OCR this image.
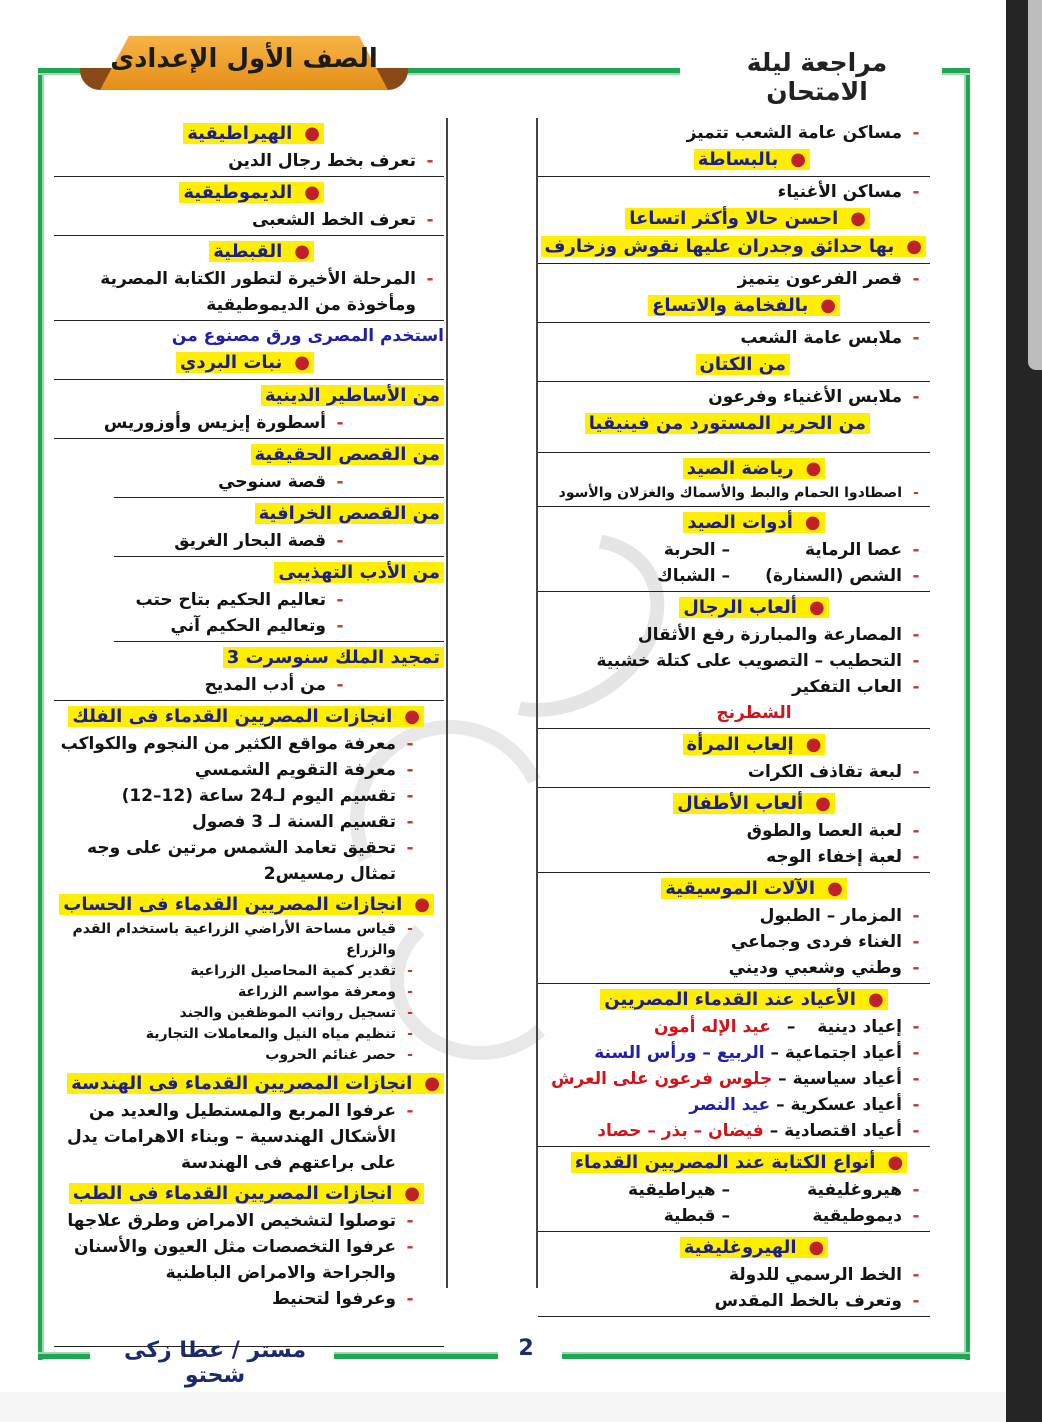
مراجعة ليلة الامتحان
الصف الأول الإعدادى
-مساكن عامة الشعب تتميز
●بالبساطة
-مساكن الأغنياء
●احسن حالا وأكثر اتساعا
●بها حدائق وجدران عليها نقوش وزخارف
-قصر الفرعون يتميز
●بالفخامة والاتساع
-ملابس عامة الشعب
من الكتان
-ملابس الأغنياء وفرعون
من الحرير المستورد من فينيقيا
●رياضة الصيد
-اصطادوا الحمام والبط والأسماك والغزلان والأسود
●أدوات الصيد
-عصا الرماية
– الحربة
-الشص (السنارة)
– الشباك
●ألعاب الرجال
-المصارعة والمبارزة رفع الأثقال
-التحطيب – التصويب على كتلة خشبية
-العاب التفكير
الشطرنج
●إلعاب المرأة
-لبعة تقاذف الكرات
●ألعاب الأطفال
-لعبة العصا والطوق
-لعبة إخفاء الوجه
●الآلات الموسيقية
-المزمار – الطبول
-الغناء فردى وجماعي
-وطني وشعبي وديني
●الأعياد عند القدماء المصريين
-إعياد دينية –عيد الإله أمون
-أعياد اجتماعية – الربيع – ورأس السنة
-أعياد سياسية – جلوس فرعون على العرش
-أعياد عسكرية – عيد النصر
-أعياد اقتصادية – فيضان – بذر – حصاد
●أنواع الكتابة عند المصريين القدماء
-هيروغليفية
– هيراطيقية
-ديموطيقية
– قبطية
●الهيروغليفية
-الخط الرسمي للدولة
-وتعرف بالخط المقدس
●الهيراطيقية
-تعرف بخط رجال الدين
●الديموطيقية
-تعرف الخط الشعبى
●القبطية
-المرحلة الأخيرة لتطور الكتابة المصرية
ومأخوذة من الديموطيقية
استخدم المصرى ورق مصنوع من
●نبات البردي
من الأساطير الدينية
-أسطورة إيزيس وأوزوريس
من القصص الحقيقية
-قصة سنوحي
من القصص الخرافية
-قصة البحار الغريق
من الأدب التهذيبى
-تعاليم الحكيم بتاح حتب
-وتعاليم الحكيم آني
تمجيد الملك سنوسرت 3
-من أدب المديح
●انجازات المصريين القدماء فى الفلك
-معرفة مواقع الكثير من النجوم والكواكب
-معرفة التقويم الشمسي
-تقسيم اليوم لـ24 ساعة (12–12)
-تقسيم السنة لـ 3 فصول
-تحقيق تعامد الشمس مرتين على وجه
تمثال رمسيس2
●انجازات المصريين القدماء فى الحساب
-قياس مساحة الأراضي الزراعية باستخدام القدم
والزراع
-تقدير كمية المحاصيل الزراعية
-ومعرفة مواسم الزراعة
-تسجيل رواتب الموظفين والجند
-تنظيم مياه النيل والمعاملات التجارية
-حصر غنائم الحروب
●انجازات المصريين القدماء فى الهندسة
-عرفوا المربع والمستطيل والعديد من
الأشكال الهندسية – وبناء الاهرامات يدل
على براعتهم فى الهندسة
●انجازات المصريين القدماء فى الطب
-توصلوا لتشخيص الامراض وطرق علاجها
-عرفوا التخصصات مثل العيون والأسنان
والجراحة والامراض الباطنية
-وعرفوا لتحنيط
مستر / عطا زكى شحتو
2
